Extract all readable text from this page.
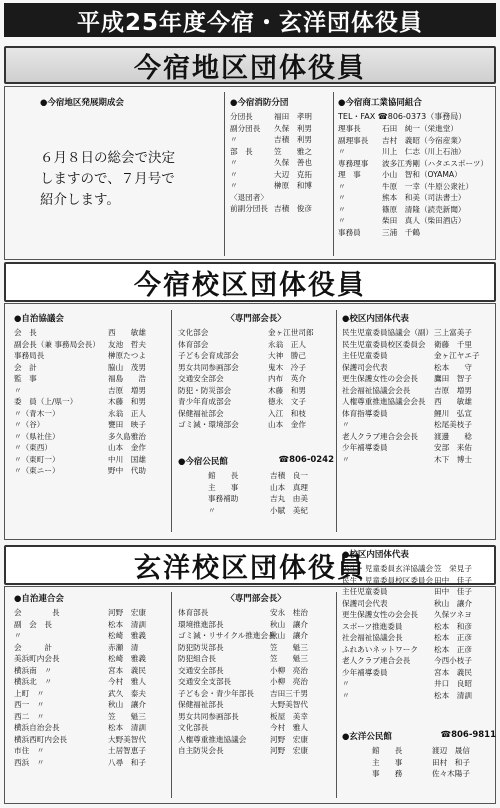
平成25年度今宿・玄洋団体役員
今宿地区団体役員
●今宿地区発展期成会
６月８日の総会で決定
しますので、７月号で
紹介します。
●今宿消防分団
分団長	福田　孝明
副分団長	久保　利男
〃	吉積　利男
部　長	笠　　雅之
〃	久保　善也
〃	大辺　克拓
〃	榊原　和博
〈退団者〉
前副分団長 吉積　俊彦
●今宿商工業協同組合
TEL・FAX ☎806-0373（事務局）
理事長	石田　純一（栄進堂）
副理事長	吉村　義昭（今宿産業）
〃	川上　仁志（川上石油）
専務理事	波多江秀剛（ハタエスポーツ）
理　事	小山　智和（OYAMA）
〃	牛原　一幸（牛原公衆社）
〃	熊本　和美（司法書士）
〃	篠原　清隆（読売新聞）
〃	柴田　真人（柴田酒店）
事務員	三浦　千鶴
今宿校区団体役員
●自治協議会
会　長	西　　敏雄
副会長（兼 事務局会長）	友池　哲夫
事務局長	榊原たつよ
会　計	脇山　茂男
監　事	福島　　浩
〃	吉原　増男
委　員（上/県一）	木藤　和男
〃（青木一）	永翁　正人
〃（谷）	甕田　映子
〃（県社住）	多久島雅治
〃（東西）	山本　金作
〃（東町一）	中川　国雄
〃（東ニー）	野中　代助
〈専門部会長〉
文化部会	金ヶ江世司郎
体育部会	永翁　正人
子ども会育成部会	大神　勝己
男女共同参画部会	鬼木　冷子
交通安全部会	内布　英介
防犯・防災部会	木藤　和男
青少年育成部会	徳永　文子
保健福祉部会	入江　和枝
ゴミ減・環境部会	山本　金作
●今宿公民館	☎806-0242
館　　長	吉積　良一
主　　事	山本　真理
事務補助	吉丸　由美
〃	小賦　美紀
●校区内団体代表
民生児童委員協議会（副） 三上富美子
民生児童委員校区委員会	衛藤　千里
主任児童委員	金ヶ江ヤエ子
保護司会代表	松本　　守
更生保護女性の会会長	鷹田　智子
社会福祉協議会会長	吉原　増男
人権尊重推進協議会会長	西　　敏雄
体育指導委員	鯉川　弘宣
〃	松尾美枝子
老人クラブ連合会会長	渡邊　　稔
少年補導委員	安部　来佑
〃	木下　博士
玄洋校区団体役員
●自治連合会
会　　　　長	河野　宏康
副　会　長	松本　清訓
〃	松崎　雅義
会　　　計	赤瀬　清
美浜町内会長	松崎　雅義
横浜南　〃	宮本　義民
横浜北　〃	今村　雅人
上町　〃	武久　泰夫
西一　〃	秋山　讓介
西二　〃	笠　　魁三
横浜自治会長	松本　清訓
横浜西町内会長	大野美智代
市住　〃	土居智恵子
西浜　〃	八尋　和子
〈専門部会長〉
体育部長	安永　桂治
環境推進部長	秋山　讓介
ゴミ減・リサイクル推進会長
秋山　讓介
防犯防災部長	笠　　魁三
防犯組合長	笠　　魁三
交通安全部長	小柳　亮治
交通安全支部長	小柳　亮治
子ども会・青少年部長	吉田三千男
保健福祉部長	大野美智代
男女共同参画部長	板屋　美幸
文化部長	今村　雅人
人権尊重推進協議会	河野　宏康
自主防災会長	河野　宏康
●校区内団体代表
民生・児童委員玄洋協議会 笠　栄見子
民生・児童委員校区委員会 田中　佳子
主任児童委員	田中　佳子
保護司会代表	秋山　讓介
更生保護女性の会会長	久保ツネヨ
スポーツ推進委員	松本　和彦
社会福祉協議会長	松本　正彦
ふれあいネットワーク	松本　正彦
老人クラブ連合会長	今西小枝子
少年補導委員	宮本　義民
〃	井口　良昭
〃	松本　清訓
●玄洋公民館	☎806-9811
館　　長	渡辺　晟信
主　　事	田村　和子
事　　務	佐々木陽子
